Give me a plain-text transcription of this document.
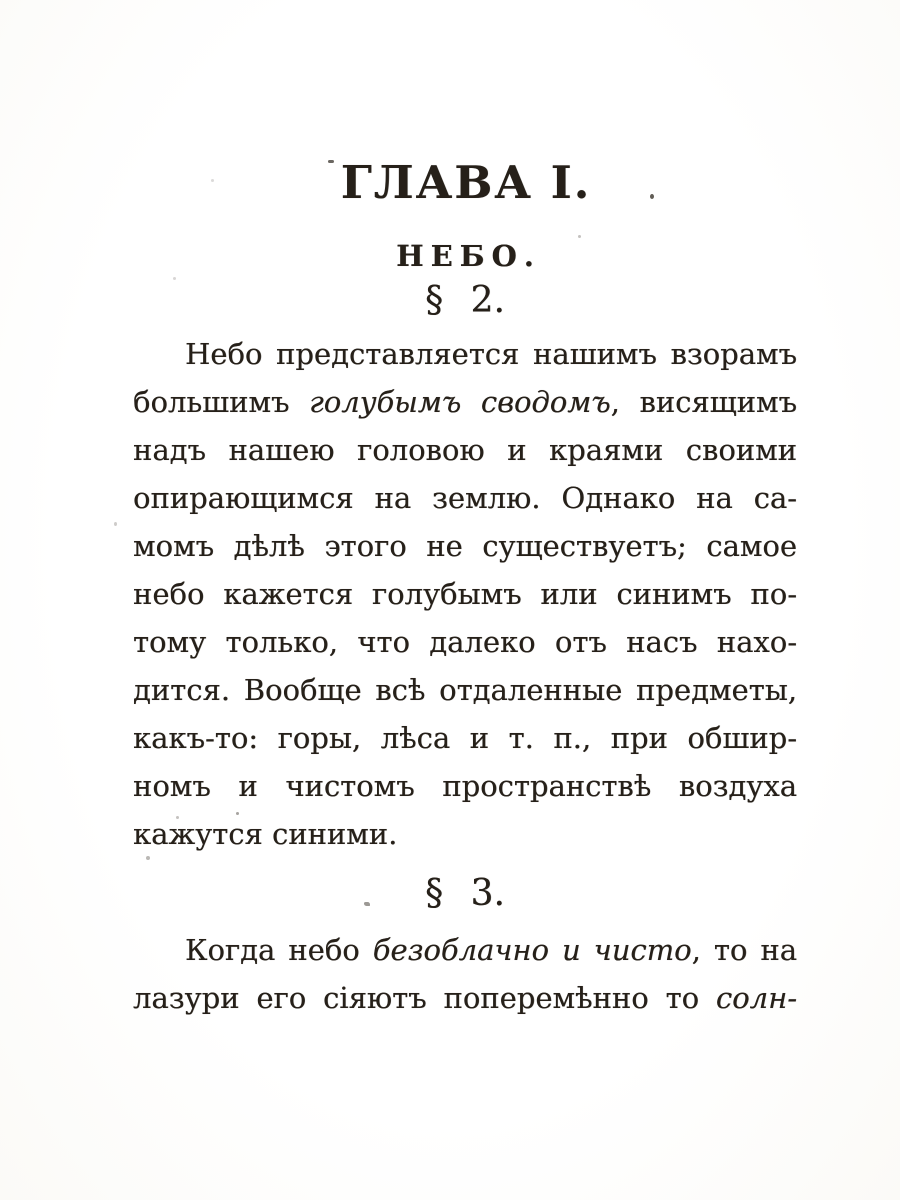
ГЛАВА I.
НЕБО.
§ 2.
Небо представляется нашимъ взорамъ
большимъ голубымъ сводомъ, висящимъ
надъ нашею головою и краями своими
опирающимся на землю. Однако на са-
момъ дѣлѣ этого не существуетъ; самое
небо кажется голубымъ или синимъ по-
тому только, что далеко отъ насъ нахо-
дится. Вообще всѣ отдаленные предметы,
какъ-то: горы, лѣса и т. п., при обшир-
номъ и чистомъ пространствѣ воздуха
кажутся синими.
§ 3.
Когда небо безоблачно и чисто, то на
лазури его сіяютъ поперемѣнно то солн-
